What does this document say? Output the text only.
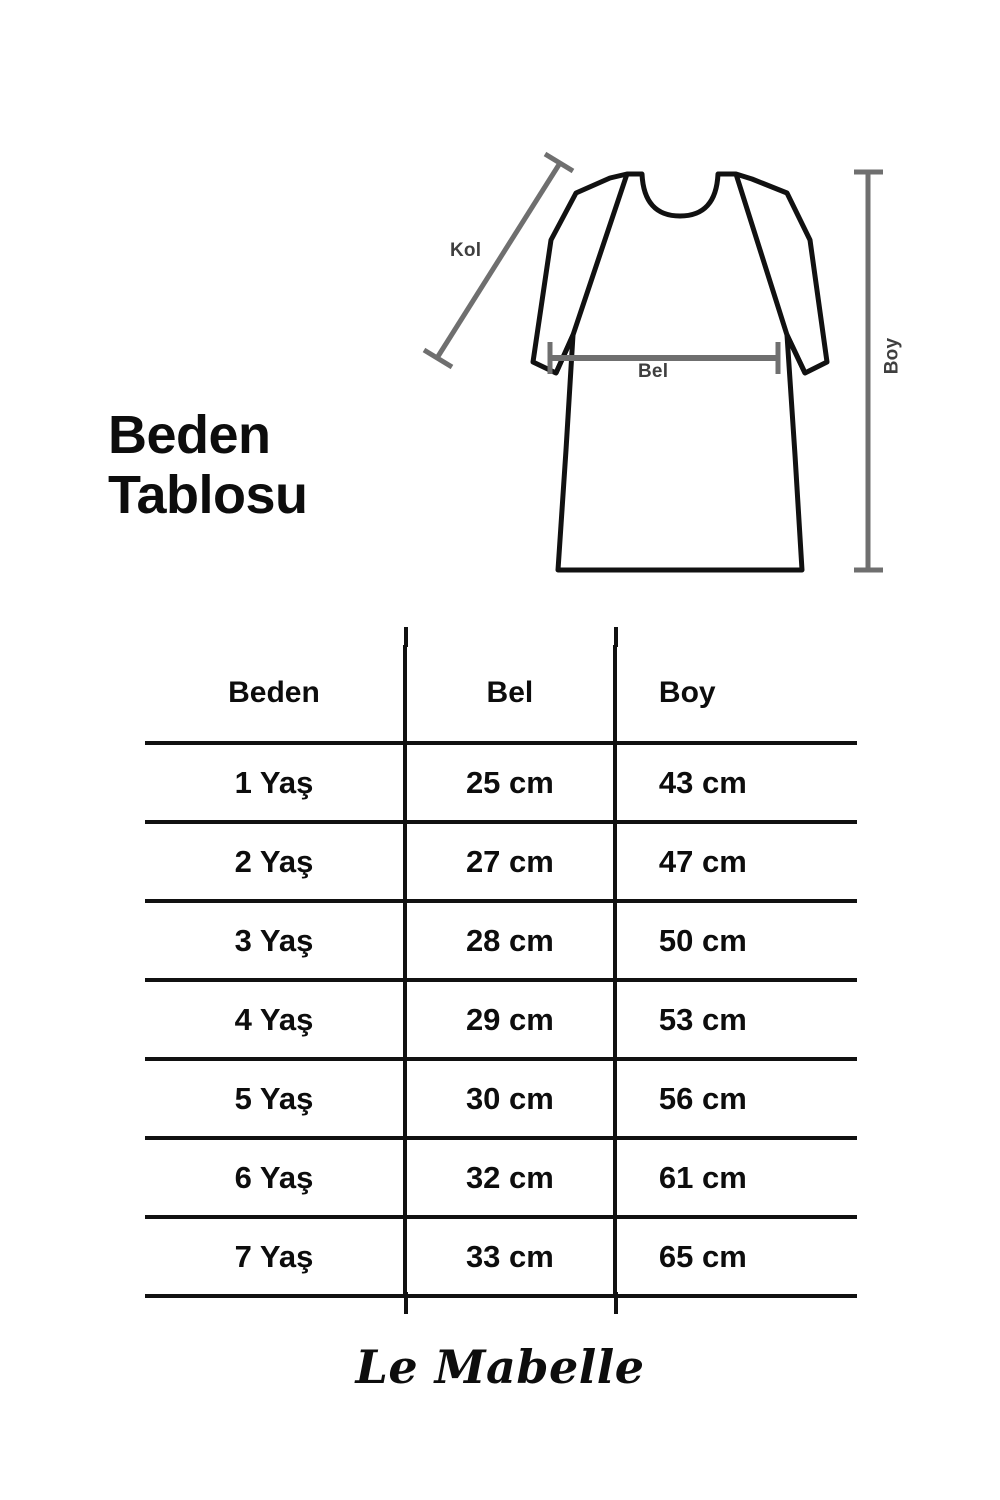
Kol
Bel	Boy
Beden
Tablosu
Beden	Bel	Boy
1 Yaş	25 cm	43 cm
2 Yaş	27 cm	47 cm
3 Yaş	28 cm	50 cm
4 Yaş	29 cm	53 cm
5 Yaş	30 cm	56 cm
6 Yaş	32 cm	61 cm
7 Yaş	33 cm	65 cm
Le Mabelle
